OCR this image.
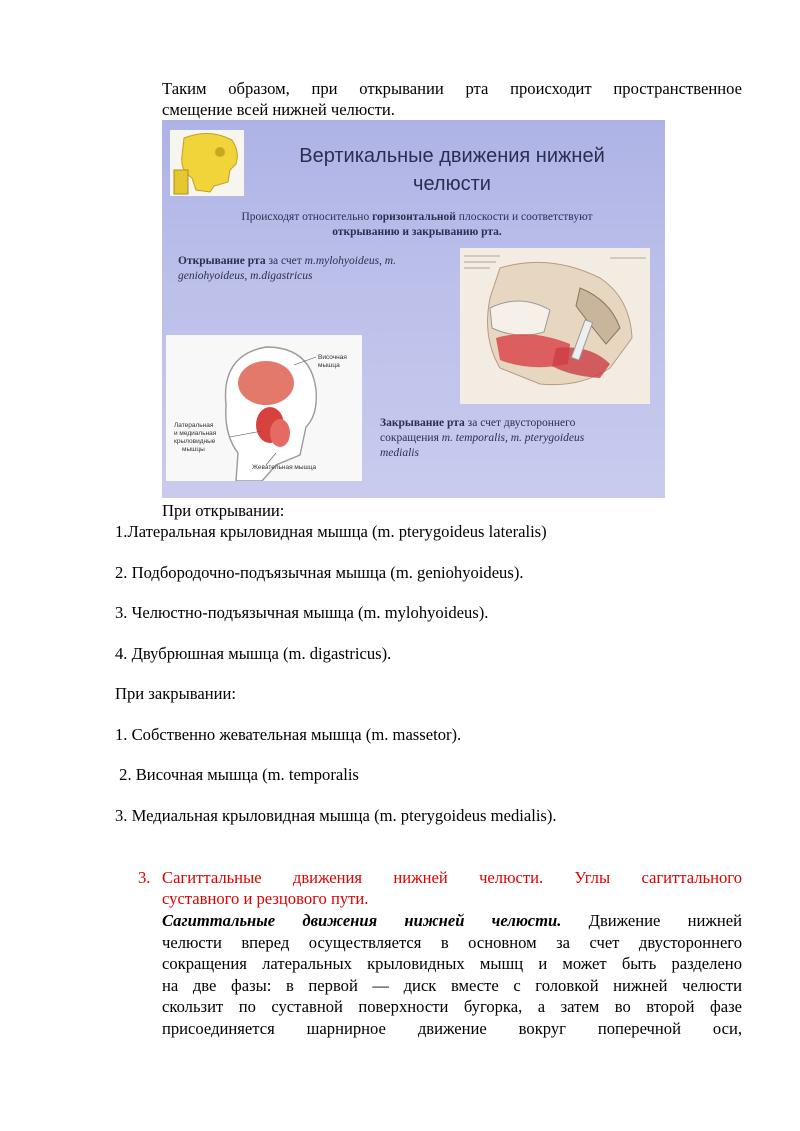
Таким образом, при открывании рта происходит пространственное
смещение всей нижней челюсти.
Вертикальные движения нижней
челюсти
Происходят относительно горизонтальной плоскости и соответствуют
открыванию и закрыванию рта.
Открывание рта за счет m.mylohyoideus, m.
geniohyoideus, m.digastricus
Височная
мышца
Латеральная
и медиальная
крыловидные
мышцы
Жевательная мышца
Закрывание рта за счет двустороннего
сокращения m. temporalis, m. pterygoideus
medialis
При открывании:
1.Латеральная крыловидная мышца (m. pterygoideus lateralis)
2. Подбородочно-подъязычная мышца (m. geniohyoideus).
3. Челюстно-подъязычная мышца (m. mylohyoideus).
4. Двубрюшная мышца (m. digastricus).
При закрывании:
1. Собственно жевательная мышца (m. massetor).
2. Височная мышца (m. temporalis
3. Медиальная крыловидная мышца (m. pterygoideus medialis).
3. Сагиттальные движения нижней челюсти. Углы сагиттального
суставного и резцового пути.
Сагиттальные движения нижней челюсти. Движение нижней
челюсти вперед осуществляется в основном за счет двустороннего
сокращения латеральных крыловидных мышц и может быть разделено
на две фазы: в первой — диск вместе с головкой нижней челюсти
скользит по суставной поверхности бугорка, а затем во второй фазе
присоединяется шарнирное движение вокруг поперечной оси,
